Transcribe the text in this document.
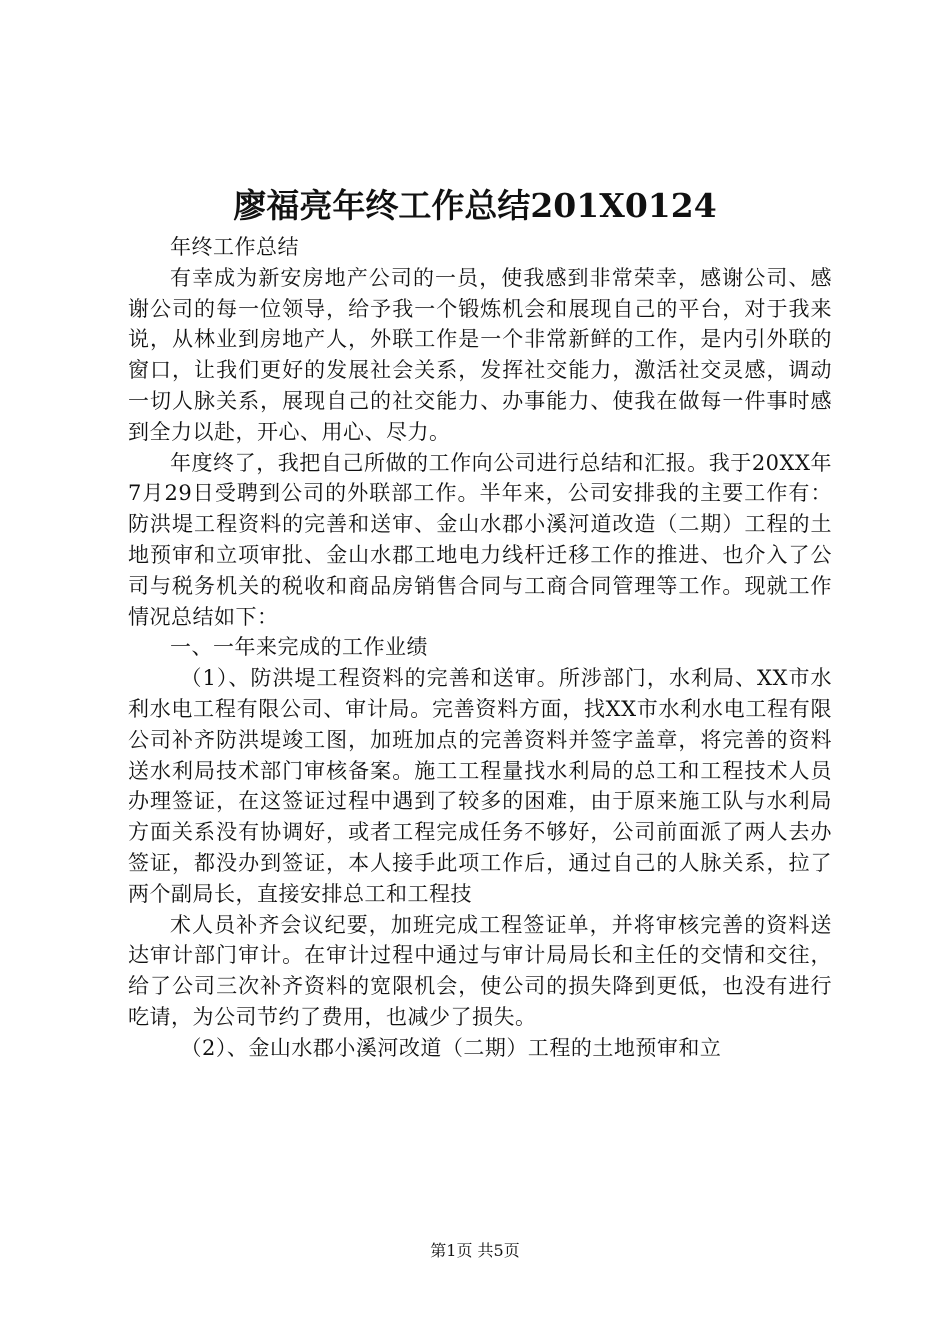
廖福亮年终工作总结201X0124

年终工作总结

有幸成为新安房地产公司的一员，使我感到非常荣幸，感谢公司、感谢公司的每一位领导，给予我一个锻炼机会和展现自己的平台，对于我来说，从林业到房地产人，外联工作是一个非常新鲜的工作，是内引外联的窗口，让我们更好的发展社会关系，发挥社交能力，激活社交灵感，调动一切人脉关系，展现自己的社交能力、办事能力、使我在做每一件事时感到全力以赴，开心、用心、尽力。

年度终了，我把自己所做的工作向公司进行总结和汇报。我于20XX年7月29日受聘到公司的外联部工作。半年来，公司安排我的主要工作有：防洪堤工程资料的完善和送审、金山水郡小溪河道改造（二期）工程的土地预审和立项审批、金山水郡工地电力线杆迁移工作的推进、也介入了公司与税务机关的税收和商品房销售合同与工商合同管理等工作。现就工作情况总结如下：

一、一年来完成的工作业绩

（1）、防洪堤工程资料的完善和送审。所涉部门，水利局、XX市水利水电工程有限公司、审计局。完善资料方面，找XX市水利水电工程有限公司补齐防洪堤竣工图，加班加点的完善资料并签字盖章，将完善的资料送水利局技术部门审核备案。施工工程量找水利局的总工和工程技术人员办理签证，在这签证过程中遇到了较多的困难，由于原来施工队与水利局方面关系没有协调好，或者工程完成任务不够好，公司前面派了两人去办签证，都没办到签证，本人接手此项工作后，通过自己的人脉关系，拉了两个副局长，直接安排总工和工程技

术人员补齐会议纪要，加班完成工程签证单，并将审核完善的资料送达审计部门审计。在审计过程中通过与审计局局长和主任的交情和交往，给了公司三次补齐资料的宽限机会，使公司的损失降到更低，也没有进行吃请，为公司节约了费用，也减少了损失。

（2）、金山水郡小溪河改道（二期）工程的土地预审和立

第1页 共5页
